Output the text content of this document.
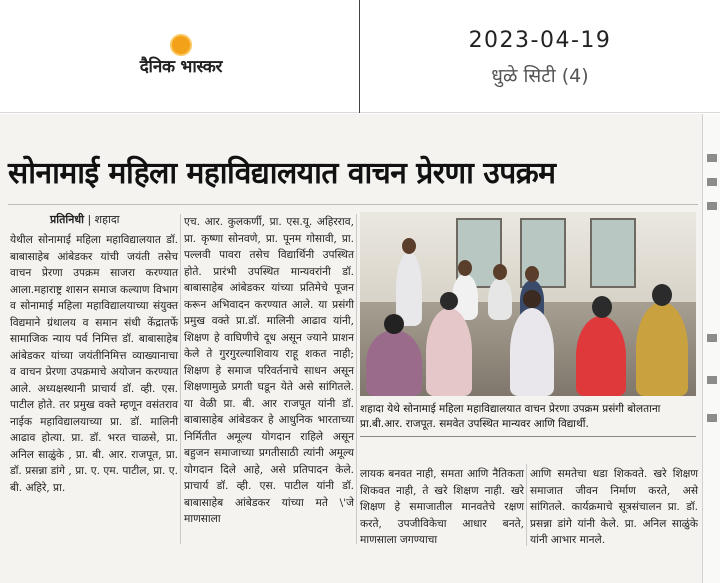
दैनिक भास्कर
2023-04-19
धुळे सिटी (4)
सोनामाई महिला महाविद्यालयात वाचन प्रेरणा उपक्रम
प्रतिनिधी | शहादा
येथील सोनामाई महिला महाविद्यालयात डॉ. बाबासाहेब आंबेडकर यांची जयंती तसेच वाचन प्रेरणा उपक्रम साजरा करण्यात आला.महाराष्ट्र शासन समाज कल्याण विभाग व सोनामाई महिला महाविद्यालयाच्या संयुक्त विद्यमाने ग्रंथालय व समान संधी केंद्रातर्फे सामाजिक न्याय पर्व निमित्त डॉ. बाबासाहेब आंबेडकर यांच्या जयंतीनिमित्त व्याख्यानाचा व वाचन प्रेरणा उपक्रमाचे अयोजन करण्यात आले. अध्यक्षस्थानी प्राचार्य डॉ. व्ही. एस. पाटील होते. तर प्रमुख वक्ते म्हणून वसंतराव नाईक महाविद्यालयाच्या प्रा. डॉ. मालिनी आढाव होत्या. प्रा. डॉ. भरत चाळसे, प्रा. अनिल साळुंके , प्रा. बी. आर. राजपूत, प्रा. डॉ. प्रसन्ना डांगे , प्रा. ए. एम. पाटील, प्रा. ए. बी. अहिरे, प्रा.
एच. आर. कुलकर्णी, प्रा. एस.यू. अहिरराव, प्रा. कृष्णा सोनवणे, प्रा. पूनम गोसावी, प्रा. पल्लवी पावरा तसेच विद्यार्थिनी उपस्थित होते. प्रारंभी उपस्थित मान्यवरांनी डॉ. बाबासाहेब आंबेडकर यांच्या प्रतिमेचे पूजन करून अभिवादन करण्यात आले. या प्रसंगी प्रमुख वक्ते प्रा.डॉ. मालिनी आढाव यांनी, शिक्षण हे वाघिणीचे दूध असून ज्याने प्राशन केले ते गुरगुरल्याशिवाय राहू शकत नाही; शिक्षण हे समाज परिवर्तनाचे साधन असून शिक्षणामुळे प्रगती घडून येते असे सांगितले. या वेळी प्रा. बी. आर राजपूत यांनी डॉ. बाबासाहेब आंबेडकर हे आधुनिक भारताच्या निर्मितीत अमूल्य योगदान राहिले असून बहुजन समाजाच्या प्रगतीसाठी त्यांनी अमूल्य योगदान दिले आहे, असे प्रतिपादन केले. प्राचार्य डॉ. व्ही. एस. पाटील यांनी डॉ. बाबासाहेब आंबेडकर यांच्या मते \'जे माणसाला
शहादा येथे सोनामाई महिला महाविद्यालयात वाचन प्रेरणा उपक्रम प्रसंगी बोलताना प्रा.बी.आर. राजपूत. समवेत उपस्थित मान्यवर आणि विद्यार्थी.
लायक बनवत नाही, समता आणि नैतिकता शिकवत नाही, ते खरे शिक्षण नाही. खरे शिक्षण हे समाजातील मानवतेचे रक्षण करते, उपजीविकेचा आधार बनते, माणसाला जगण्याचा
आणि समतेचा धडा शिकवते. खरे शिक्षण समाजात जीवन निर्माण करते, असे सांगितले. कार्यक्रमाचे सूत्रसंचालन प्रा. डॉ. प्रसन्ना डांगे यांनी केले. प्रा. अनिल साळुंके यांनी आभार मानले.
